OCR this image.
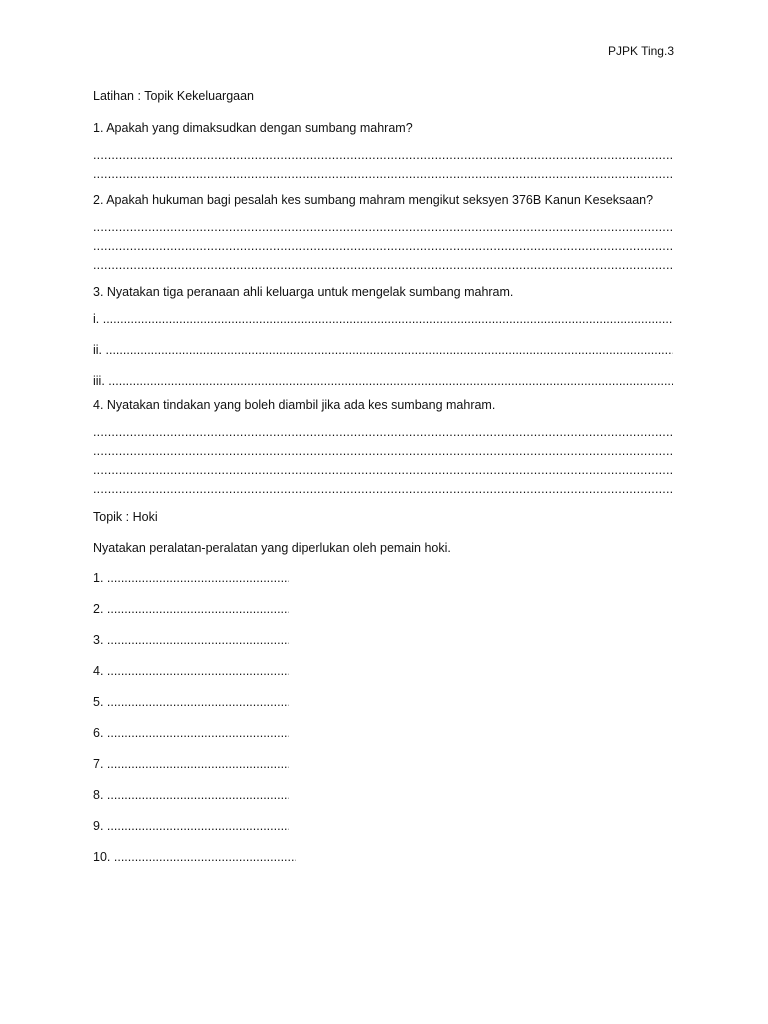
PJPK Ting.3
Latihan : Topik Kekeluargaan
1. Apakah yang dimaksudkan dengan sumbang mahram?
.....
.....
2. Apakah hukuman bagi pesalah kes sumbang mahram mengikut seksyen 376B Kanun Keseksaan?
.....
.....
.....
3. Nyatakan tiga peranaan ahli keluarga untuk mengelak sumbang mahram.
i. .....
ii. .....
iii. .....
4. Nyatakan tindakan yang boleh diambil jika ada kes sumbang mahram.
.....
.....
.....
.....
Topik : Hoki
Nyatakan peralatan-peralatan yang diperlukan oleh pemain hoki.
1. .....
2. .....
3. .....
4. .....
5. .....
6. .....
7. .....
8. .....
9. .....
10. .....
